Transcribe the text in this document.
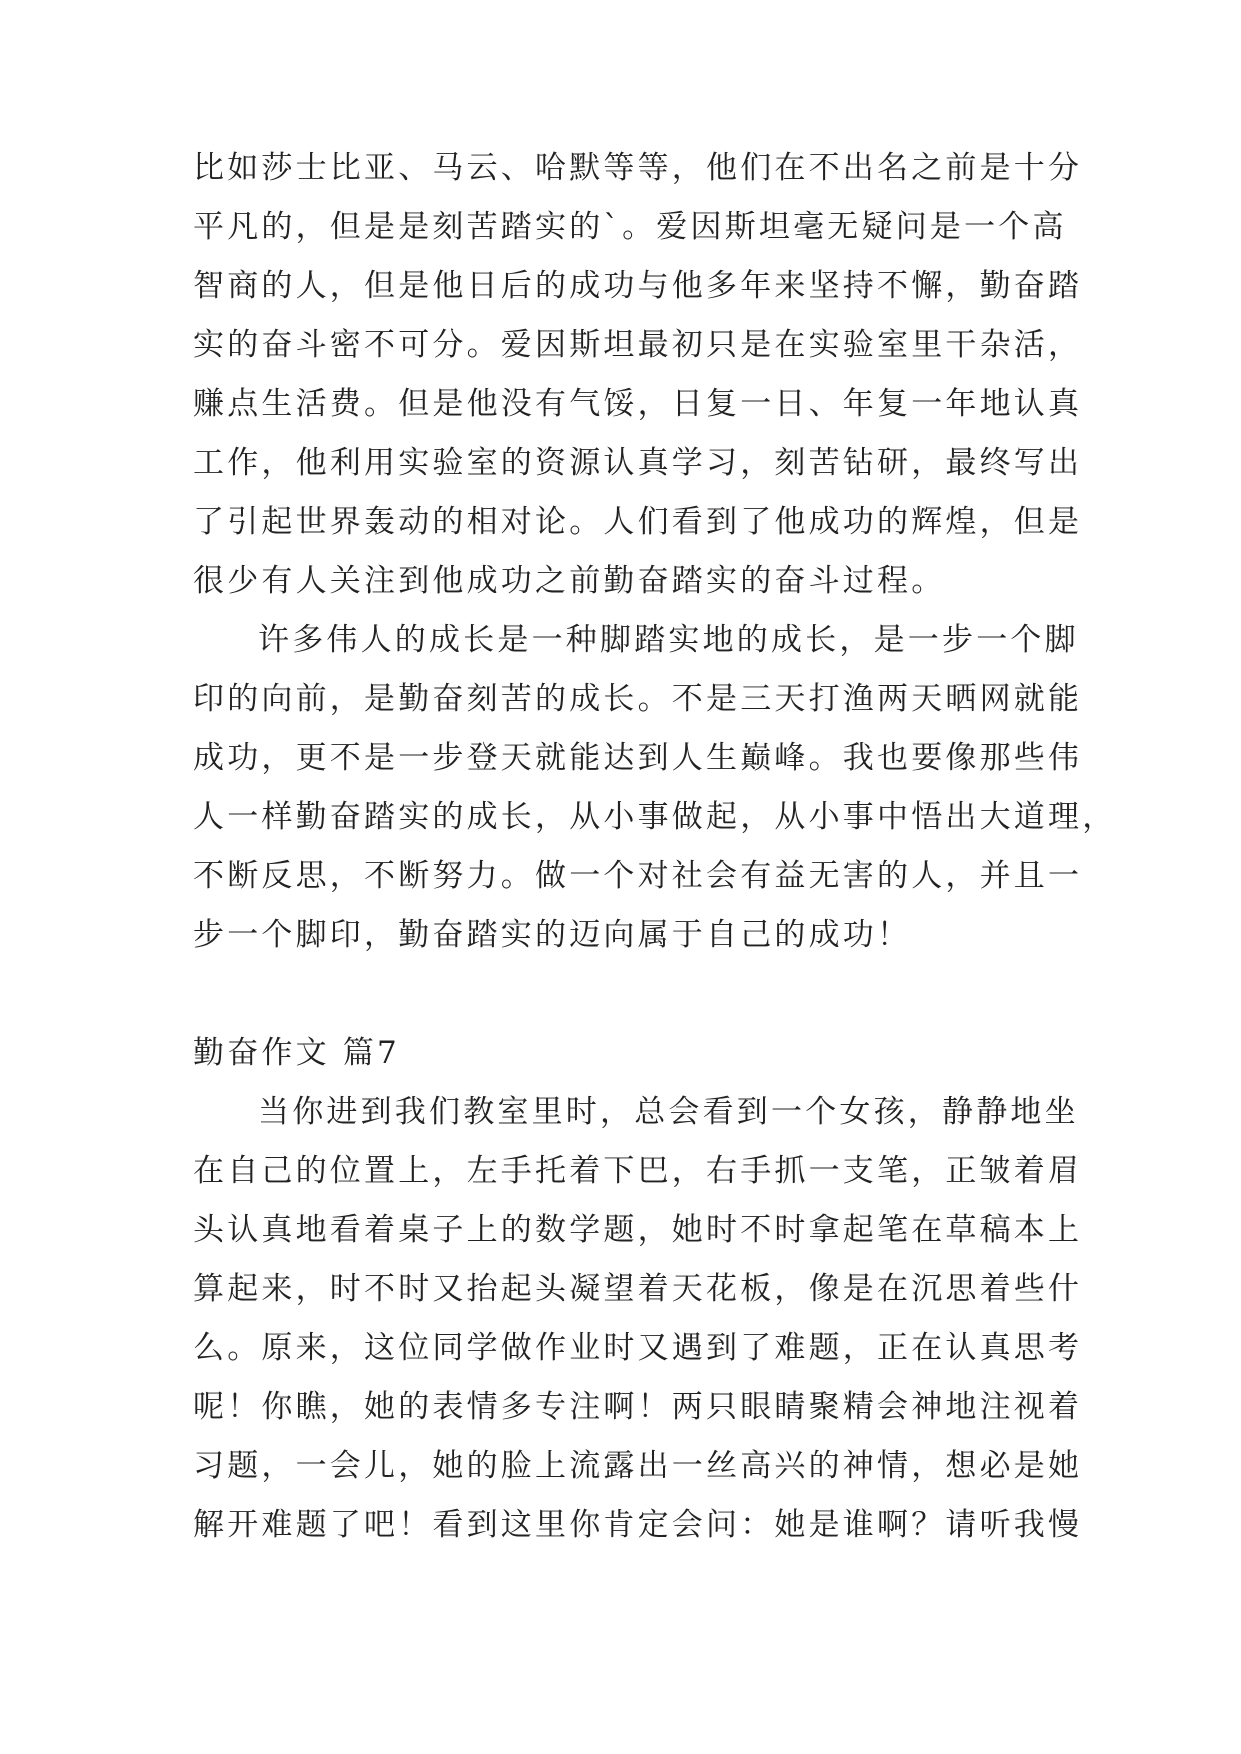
比如莎士比亚、马云、哈默等等，他们在不出名之前是十分

平凡的，但是是刻苦踏实的`。爱因斯坦毫无疑问是一个高

智商的人，但是他日后的成功与他多年来坚持不懈，勤奋踏

实的奋斗密不可分。爱因斯坦最初只是在实验室里干杂活，

赚点生活费。但是他没有气馁，日复一日、年复一年地认真

工作，他利用实验室的资源认真学习，刻苦钻研，最终写出

了引起世界轰动的相对论。人们看到了他成功的辉煌，但是

很少有人关注到他成功之前勤奋踏实的奋斗过程。

许多伟人的成长是一种脚踏实地的成长，是一步一个脚

印的向前，是勤奋刻苦的成长。不是三天打渔两天晒网就能

成功，更不是一步登天就能达到人生巅峰。我也要像那些伟

人一样勤奋踏实的成长，从小事做起，从小事中悟出大道理，

不断反思，不断努力。做一个对社会有益无害的人，并且一

步一个脚印，勤奋踏实的迈向属于自己的成功！

勤奋作文 篇7

当你进到我们教室里时，总会看到一个女孩，静静地坐

在自己的位置上，左手托着下巴，右手抓一支笔，正皱着眉

头认真地看着桌子上的数学题，她时不时拿起笔在草稿本上

算起来，时不时又抬起头凝望着天花板，像是在沉思着些什

么。原来，这位同学做作业时又遇到了难题，正在认真思考

呢！你瞧，她的表情多专注啊！两只眼睛聚精会神地注视着

习题，一会儿，她的脸上流露出一丝高兴的神情，想必是她

解开难题了吧！看到这里你肯定会问：她是谁啊？请听我慢
